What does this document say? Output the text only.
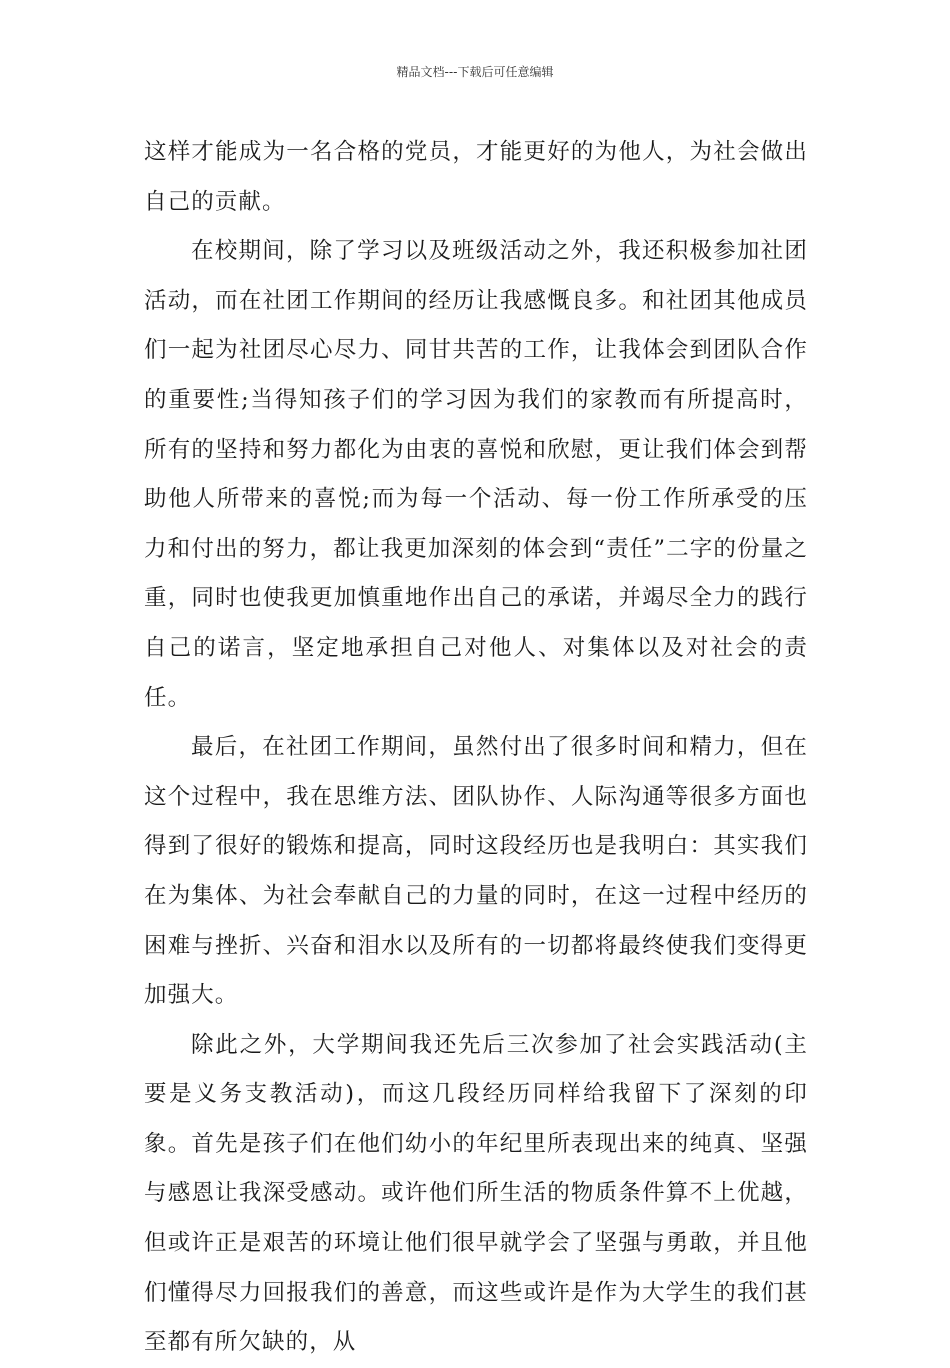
精品文档---下载后可任意编辑

这样才能成为一名合格的党员，才能更好的为他人，为社会做出自己的贡献。

在校期间，除了学习以及班级活动之外，我还积极参加社团活动，而在社团工作期间的经历让我感慨良多。和社团其他成员们一起为社团尽心尽力、同甘共苦的工作，让我体会到团队合作的重要性;当得知孩子们的学习因为我们的家教而有所提高时，所有的坚持和努力都化为由衷的喜悦和欣慰，更让我们体会到帮助他人所带来的喜悦;而为每一个活动、每一份工作所承受的压力和付出的努力，都让我更加深刻的体会到“责任”二字的份量之重，同时也使我更加慎重地作出自己的承诺，并竭尽全力的践行自己的诺言，坚定地承担自己对他人、对集体以及对社会的责任。

最后，在社团工作期间，虽然付出了很多时间和精力，但在这个过程中，我在思维方法、团队协作、人际沟通等很多方面也得到了很好的锻炼和提高，同时这段经历也是我明白：其实我们在为集体、为社会奉献自己的力量的同时，在这一过程中经历的困难与挫折、兴奋和泪水以及所有的一切都将最终使我们变得更加强大。

除此之外，大学期间我还先后三次参加了社会实践活动(主要是义务支教活动)，而这几段经历同样给我留下了深刻的印象。首先是孩子们在他们幼小的年纪里所表现出来的纯真、坚强与感恩让我深受感动。或许他们所生活的物质条件算不上优越，但或许正是艰苦的环境让他们很早就学会了坚强与勇敢，并且他们懂得尽力回报我们的善意，而这些或许是作为大学生的我们甚至都有所欠缺的，从
